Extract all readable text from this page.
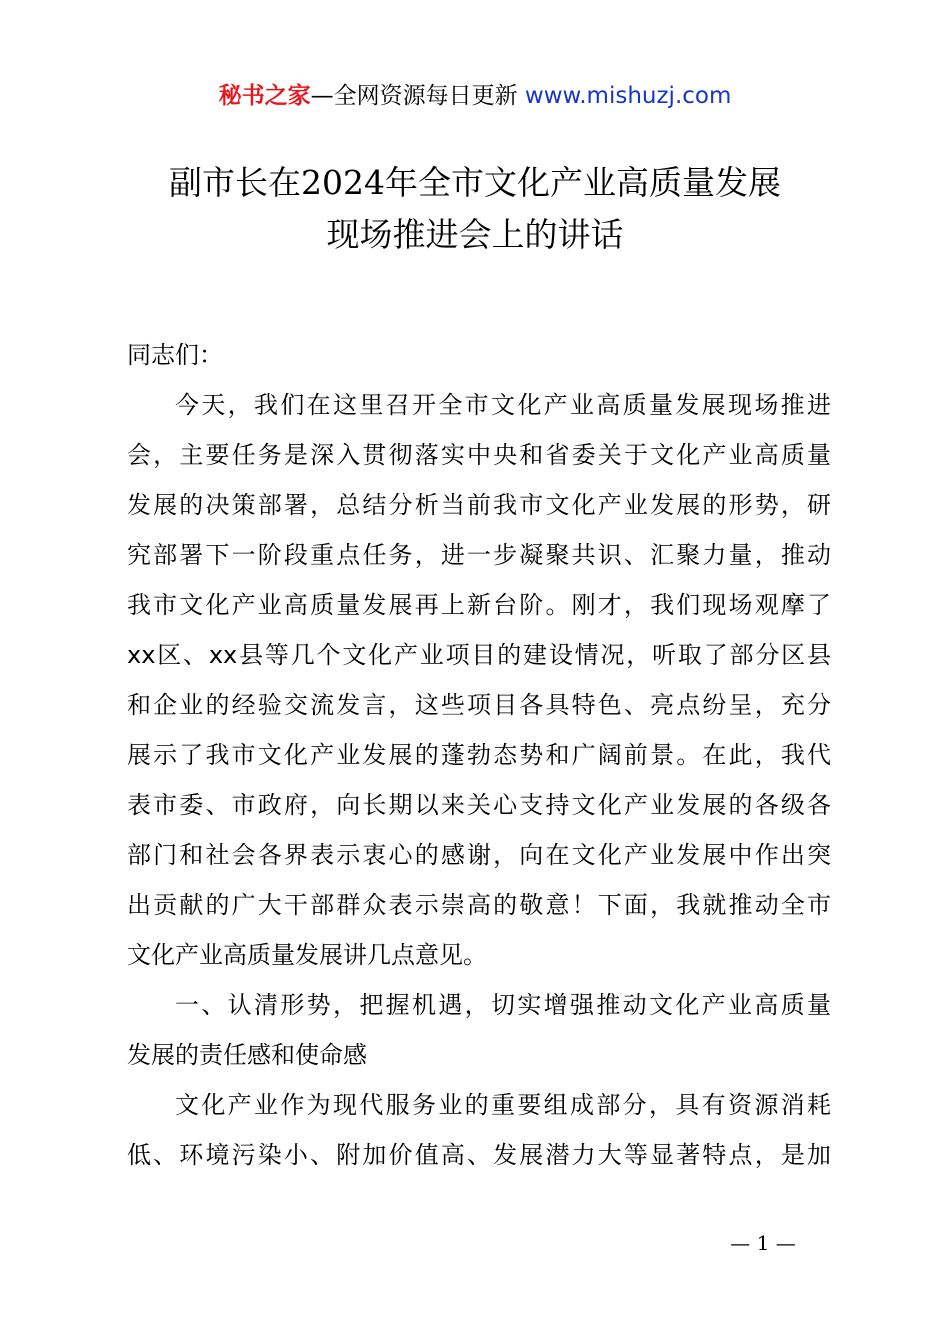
秘书之家—全网资源每日更新 www.mishuzj.com
副市长在2024年全市文化产业高质量发展
现场推进会上的讲话
同志们：
今天，我们在这里召开全市文化产业高质量发展现场推进
会，主要任务是深入贯彻落实中央和省委关于文化产业高质量
发展的决策部署，总结分析当前我市文化产业发展的形势，研
究部署下一阶段重点任务，进一步凝聚共识、汇聚力量，推动
我市文化产业高质量发展再上新台阶。刚才，我们现场观摩了
xx区、xx县等几个文化产业项目的建设情况，听取了部分区县
和企业的经验交流发言，这些项目各具特色、亮点纷呈，充分
展示了我市文化产业发展的蓬勃态势和广阔前景。在此，我代
表市委、市政府，向长期以来关心支持文化产业发展的各级各
部门和社会各界表示衷心的感谢，向在文化产业发展中作出突
出贡献的广大干部群众表示崇高的敬意！下面，我就推动全市
文化产业高质量发展讲几点意见。
一、认清形势，把握机遇，切实增强推动文化产业高质量
发展的责任感和使命感
文化产业作为现代服务业的重要组成部分，具有资源消耗
低、环境污染小、附加价值高、发展潜力大等显著特点，是加
— 1 —
